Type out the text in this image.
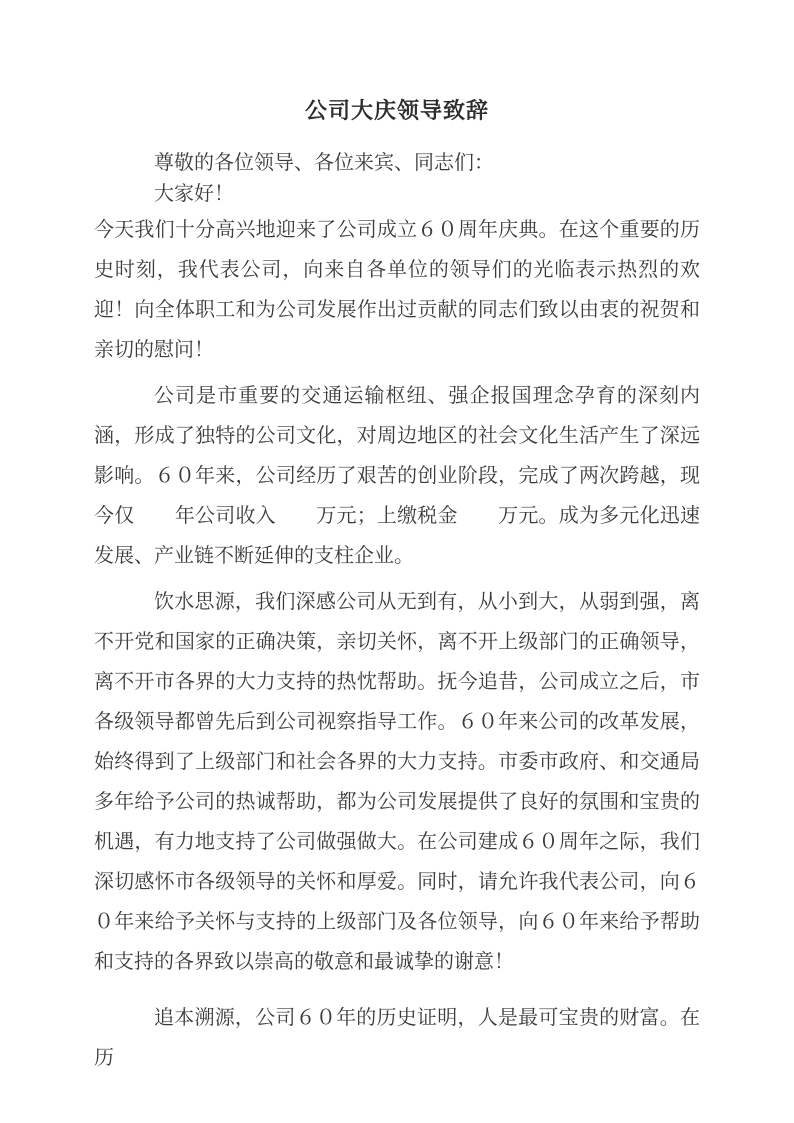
公司大庆领导致辞
尊敬的各位领导、各位来宾、同志们：
大家好！

今天我们十分高兴地迎来了公司成立６０周年庆典。在这个重要的历史时刻，我代表公司，向来自各单位的领导们的光临表示热烈的欢迎！向全体职工和为公司发展作出过贡献的同志们致以由衷的祝贺和亲切的慰问！

公司是市重要的交通运输枢纽、强企报国理念孕育的深刻内涵，形成了独特的公司文化，对周边地区的社会文化生活产生了深远影响。６０年来，公司经历了艰苦的创业阶段，完成了两次跨越，现今仅　　年公司收入　　万元；上缴税金　　万元。成为多元化迅速发展、产业链不断延伸的支柱企业。

饮水思源，我们深感公司从无到有，从小到大，从弱到强，离不开党和国家的正确决策，亲切关怀，离不开上级部门的正确领导，离不开市各界的大力支持的热忱帮助。抚今追昔，公司成立之后，市各级领导都曾先后到公司视察指导工作。６０年来公司的改革发展，始终得到了上级部门和社会各界的大力支持。市委市政府、和交通局多年给予公司的热诚帮助，都为公司发展提供了良好的氛围和宝贵的机遇，有力地支持了公司做强做大。在公司建成６０周年之际，我们深切感怀市各级领导的关怀和厚爱。同时，请允许我代表公司，向６０年来给予关怀与支持的上级部门及各位领导，向６０年来给予帮助和支持的各界致以崇高的敬意和最诚挚的谢意！

追本溯源，公司６０年的历史证明，人是最可宝贵的财富。在历
